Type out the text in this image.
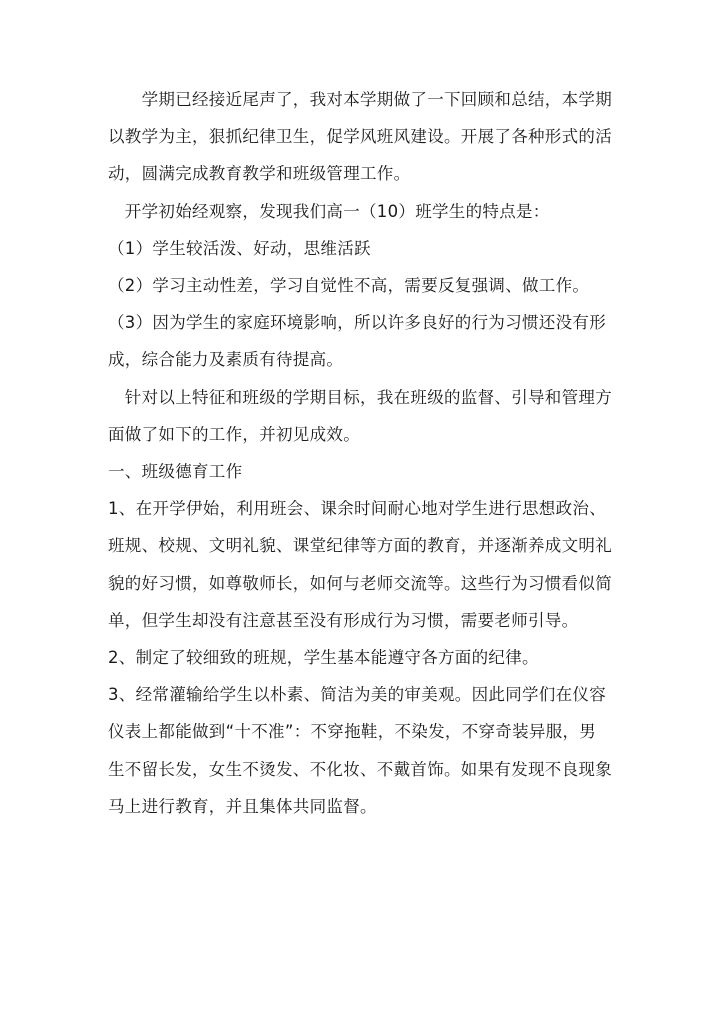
　　学期已经接近尾声了，我对本学期做了一下回顾和总结，本学期
以教学为主，狠抓纪律卫生，促学风班风建设。开展了各种形式的活
动，圆满完成教育教学和班级管理工作。
　开学初始经观察，发现我们高一（10）班学生的特点是：
（1）学生较活泼、好动，思维活跃
（2）学习主动性差，学习自觉性不高，需要反复强调、做工作。
（3）因为学生的家庭环境影响，所以许多良好的行为习惯还没有形
成，综合能力及素质有待提高。
　针对以上特征和班级的学期目标，我在班级的监督、引导和管理方
面做了如下的工作，并初见成效。
一、班级德育工作
1、在开学伊始，利用班会、课余时间耐心地对学生进行思想政治、
班规、校规、文明礼貌、课堂纪律等方面的教育，并逐渐养成文明礼
貌的好习惯，如尊敬师长，如何与老师交流等。这些行为习惯看似简
单，但学生却没有注意甚至没有形成行为习惯，需要老师引导。
2、制定了较细致的班规，学生基本能遵守各方面的纪律。
3、经常灌输给学生以朴素、简洁为美的审美观。因此同学们在仪容
仪表上都能做到“十不准”：不穿拖鞋，不染发，不穿奇装异服，男
生不留长发，女生不烫发、不化妆、不戴首饰。如果有发现不良现象
马上进行教育，并且集体共同监督。
